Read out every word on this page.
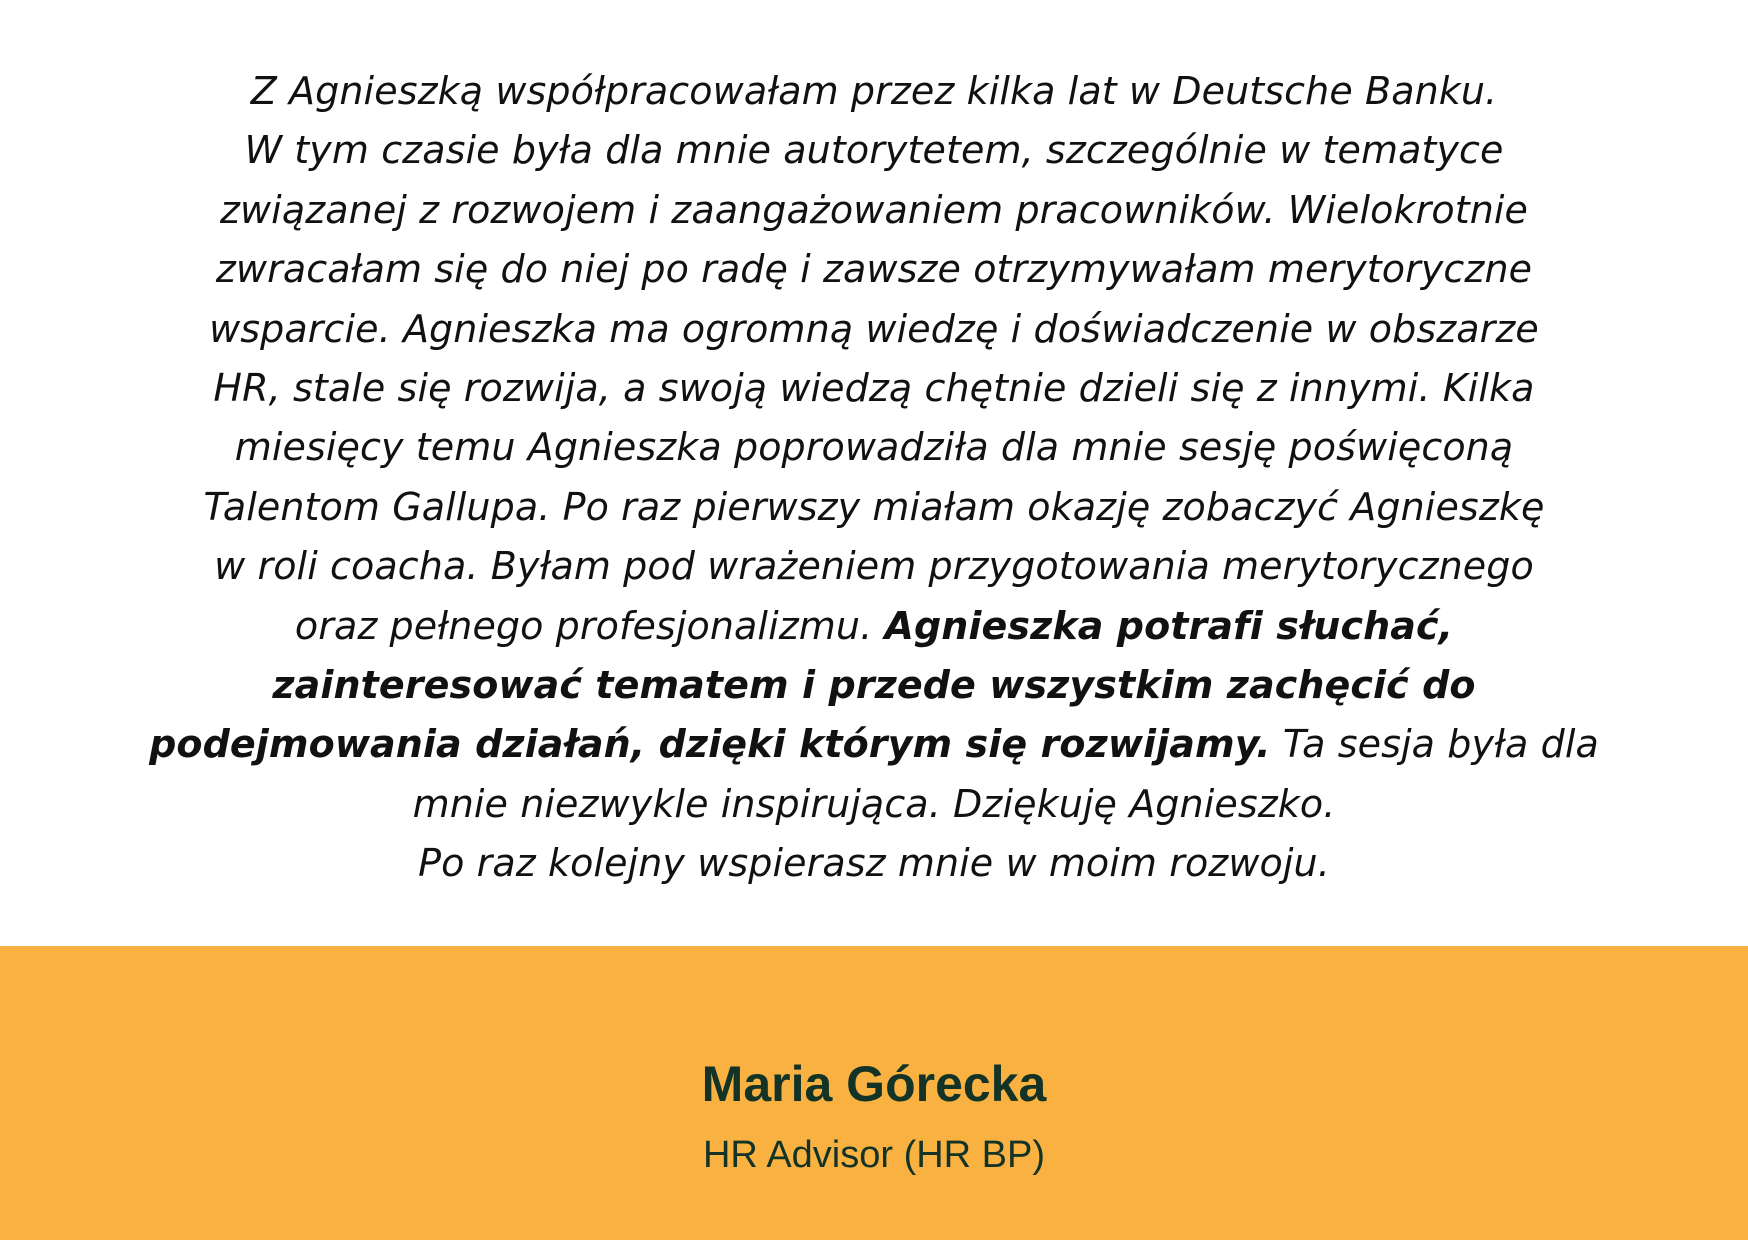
Z Agnieszką współpracowałam przez kilka lat w Deutsche Banku.
W tym czasie była dla mnie autorytetem, szczególnie w tematyce
związanej z rozwojem i zaangażowaniem pracowników. Wielokrotnie
zwracałam się do niej po radę i zawsze otrzymywałam merytoryczne
wsparcie. Agnieszka ma ogromną wiedzę i doświadczenie w obszarze
HR, stale się rozwija, a swoją wiedzą chętnie dzieli się z innymi. Kilka
miesięcy temu Agnieszka poprowadziła dla mnie sesję poświęconą
Talentom Gallupa. Po raz pierwszy miałam okazję zobaczyć Agnieszkę
w roli coacha. Byłam pod wrażeniem przygotowania merytorycznego
oraz pełnego profesjonalizmu. Agnieszka potrafi słuchać,
zainteresować tematem i przede wszystkim zachęcić do
podejmowania działań, dzięki którym się rozwijamy. Ta sesja była dla
mnie niezwykle inspirująca. Dziękuję Agnieszko.
Po raz kolejny wspierasz mnie w moim rozwoju.
Maria Górecka
HR Advisor (HR BP)
